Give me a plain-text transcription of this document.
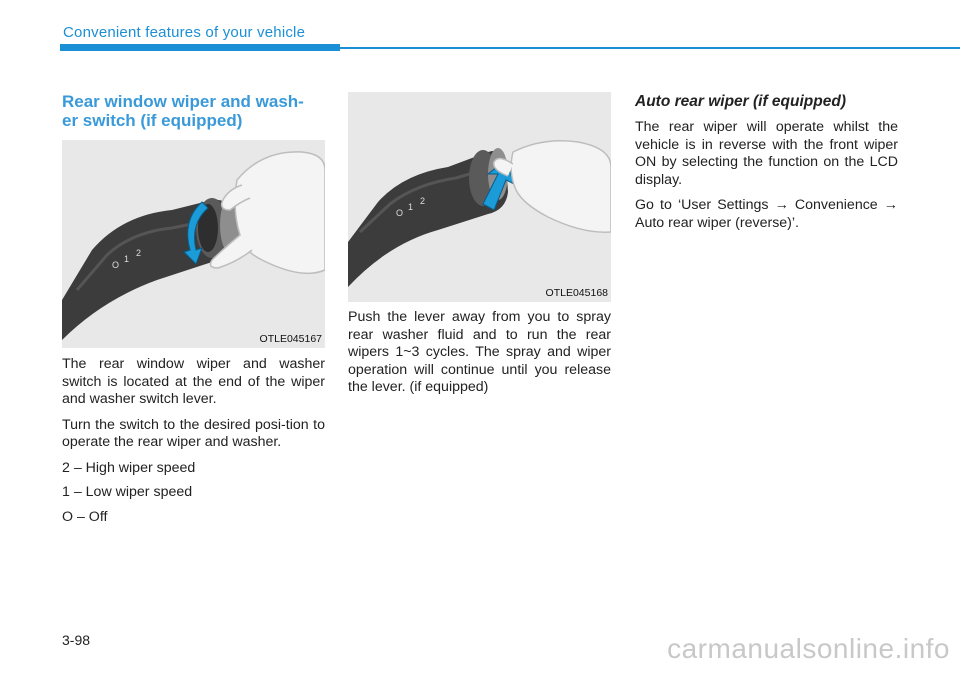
Convenient features of your vehicle
Rear window wiper and wash-
er switch (if equipped)
O
1
2
OTLE045167

The rear window wiper and washer switch is located at the end of the wiper and washer switch lever.

Turn the switch to the desired posi-tion to operate the rear wiper and washer.

2 – High wiper speed

1 – Low wiper speed

O – Off

O
1
2
OTLE045168

Push the lever away from you to spray rear washer fluid and to run the rear wipers 1~3 cycles. The spray and wiper operation will continue until you release the lever. (if equipped)

Auto rear wiper (if equipped)

The rear wiper will operate whilst the vehicle is in reverse with the front wiper ON by selecting the function on the LCD display.

Go to ‘User Settings → Convenience → Auto rear wiper (reverse)’.

3-98	carmanualsonline.info
